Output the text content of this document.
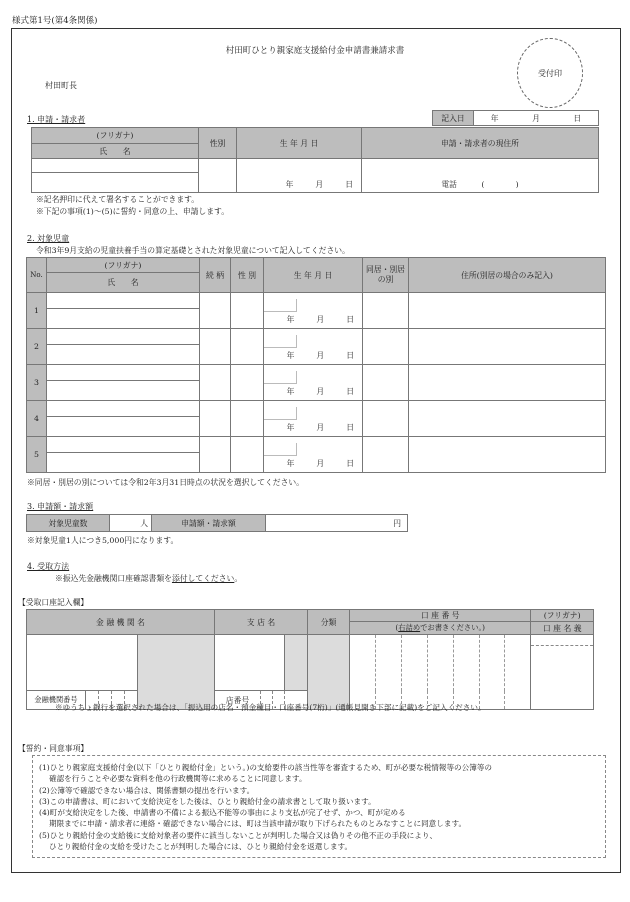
様式第1号(第4条関係)
村田町ひとり親家庭支援給付金申請書兼請求書
村田町長
受付印
1. 申請・請求者	記入日	年	月	日
(フリガナ)	性別	生 年 月 日	申請・請求者の現住所
氏　　名			

		年 月 日	電話 (　　　　)

※記名押印に代えて署名することができます。
※下記の事項(1)～(5)に誓約・同意の上、申請します。
2. 対象児童
令和3年9月支給の児童扶養手当の算定基礎とされた対象児童について記入してください。
No.	(フリガナ)	続 柄	性 別	生 年 月 日	同居・別居の別	住所(別居の場合のみ記入)
	氏　　名					
1				年 月 日		

2				年 月 日		

3				年 月 日		

4				年 月 日		

5				年 月 日		

※同居・別居の別については令和2年3月31日時点の状況を選択してください。
3. 申請額・請求額
対象児童数	人	申請額・請求額	円
※対象児童1人につき5,000円になります。
4. 受取方法
※振込先金融機関口座確認書類を添付してください。
【受取口座記入欄】
金 融 機 関 名						支 店 名				分類	口 座 番 号							(フリガナ)
											(右詰めでお書きください。)							口 座 名 義

金融機関番号						店番号												
※ゆうちょ銀行を選択された場合は、「振込用の店名・預金種目・口座番号(7桁)」(通帳見開き下部に記載)をご記入ください。
【誓約・同意事項】
(1)ひとり親家庭支援給付金(以下「ひとり親給付金」という。)の支給要件の該当性等を審査するため、町が必要な税情報等の公簿等の
確認を行うことや必要な資料を他の行政機関等に求めることに同意します。
(2)公簿等で確認できない場合は、関係書類の提出を行います。
(3)この申請書は、町において支給決定をした後は、ひとり親給付金の請求書として取り扱います。
(4)町が支給決定をした後、申請書の不備による振込不能等の事由により支払が完了せず、かつ、町が定める
期限までに申請・請求者に連絡・確認できない場合には、町は当該申請が取り下げられたものとみなすことに同意します。
(5)ひとり親給付金の支給後に支給対象者の要件に該当しないことが判明した場合又は偽りその他不正の手段により、
ひとり親給付金の支給を受けたことが判明した場合には、ひとり親給付金を返還します。
